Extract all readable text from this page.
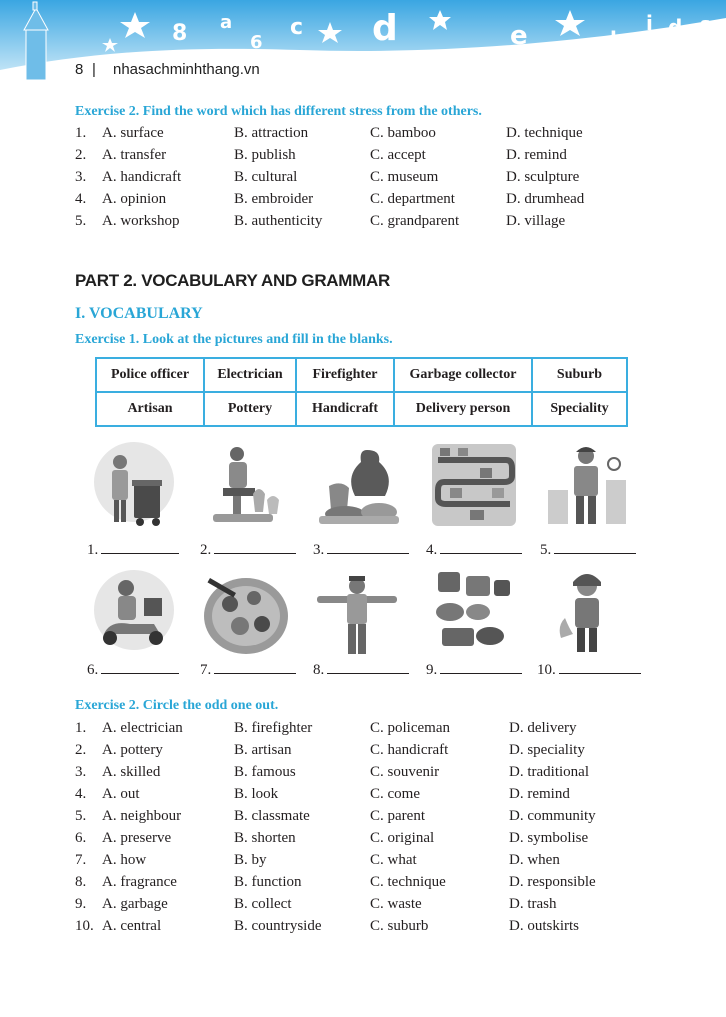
8 a
6
c d	e	k
i d s
8 | nhasachminhthang.vn
Exercise 2. Find the word which has different stress from the others.
1. A. surface	B. attraction	C. bamboo	D. technique
2. A. transfer	B. publish	C. accept	D. remind
3. A. handicraft	B. cultural	C. museum	D. sculpture
4. A. opinion	B. embroider	C. department	D. drumhead
5. A. workshop	B. authenticity	C. grandparent	D. village
PART 2. VOCABULARY AND GRAMMAR
I. VOCABULARY
Exercise 1. Look at the pictures and fill in the blanks.
Police officer	Electrician	Firefighter	Garbage collector	Suburb
Artisan	Pottery	Handicraft	Delivery person	Speciality
1.	2.	3.	4.	5.
6.	7.	8.	9.	10.
Exercise 2. Circle the odd one out.
1. A. electrician	B. firefighter	C. policeman	D. delivery
2. A. pottery	B. artisan	C. handicraft	D. speciality
3. A. skilled	B. famous	C. souvenir	D. traditional
4. A. out	B. look	C. come	D. remind
5. A. neighbour	B. classmate	C. parent	D. community
6. A. preserve	B. shorten	C. original	D. symbolise
7. A. how	B. by	C. what	D. when
8. A. fragrance	B. function	C. technique	D. responsible
9. A. garbage	B. collect	C. waste	D. trash
10. A. central	B. countryside	C. suburb	D. outskirts
